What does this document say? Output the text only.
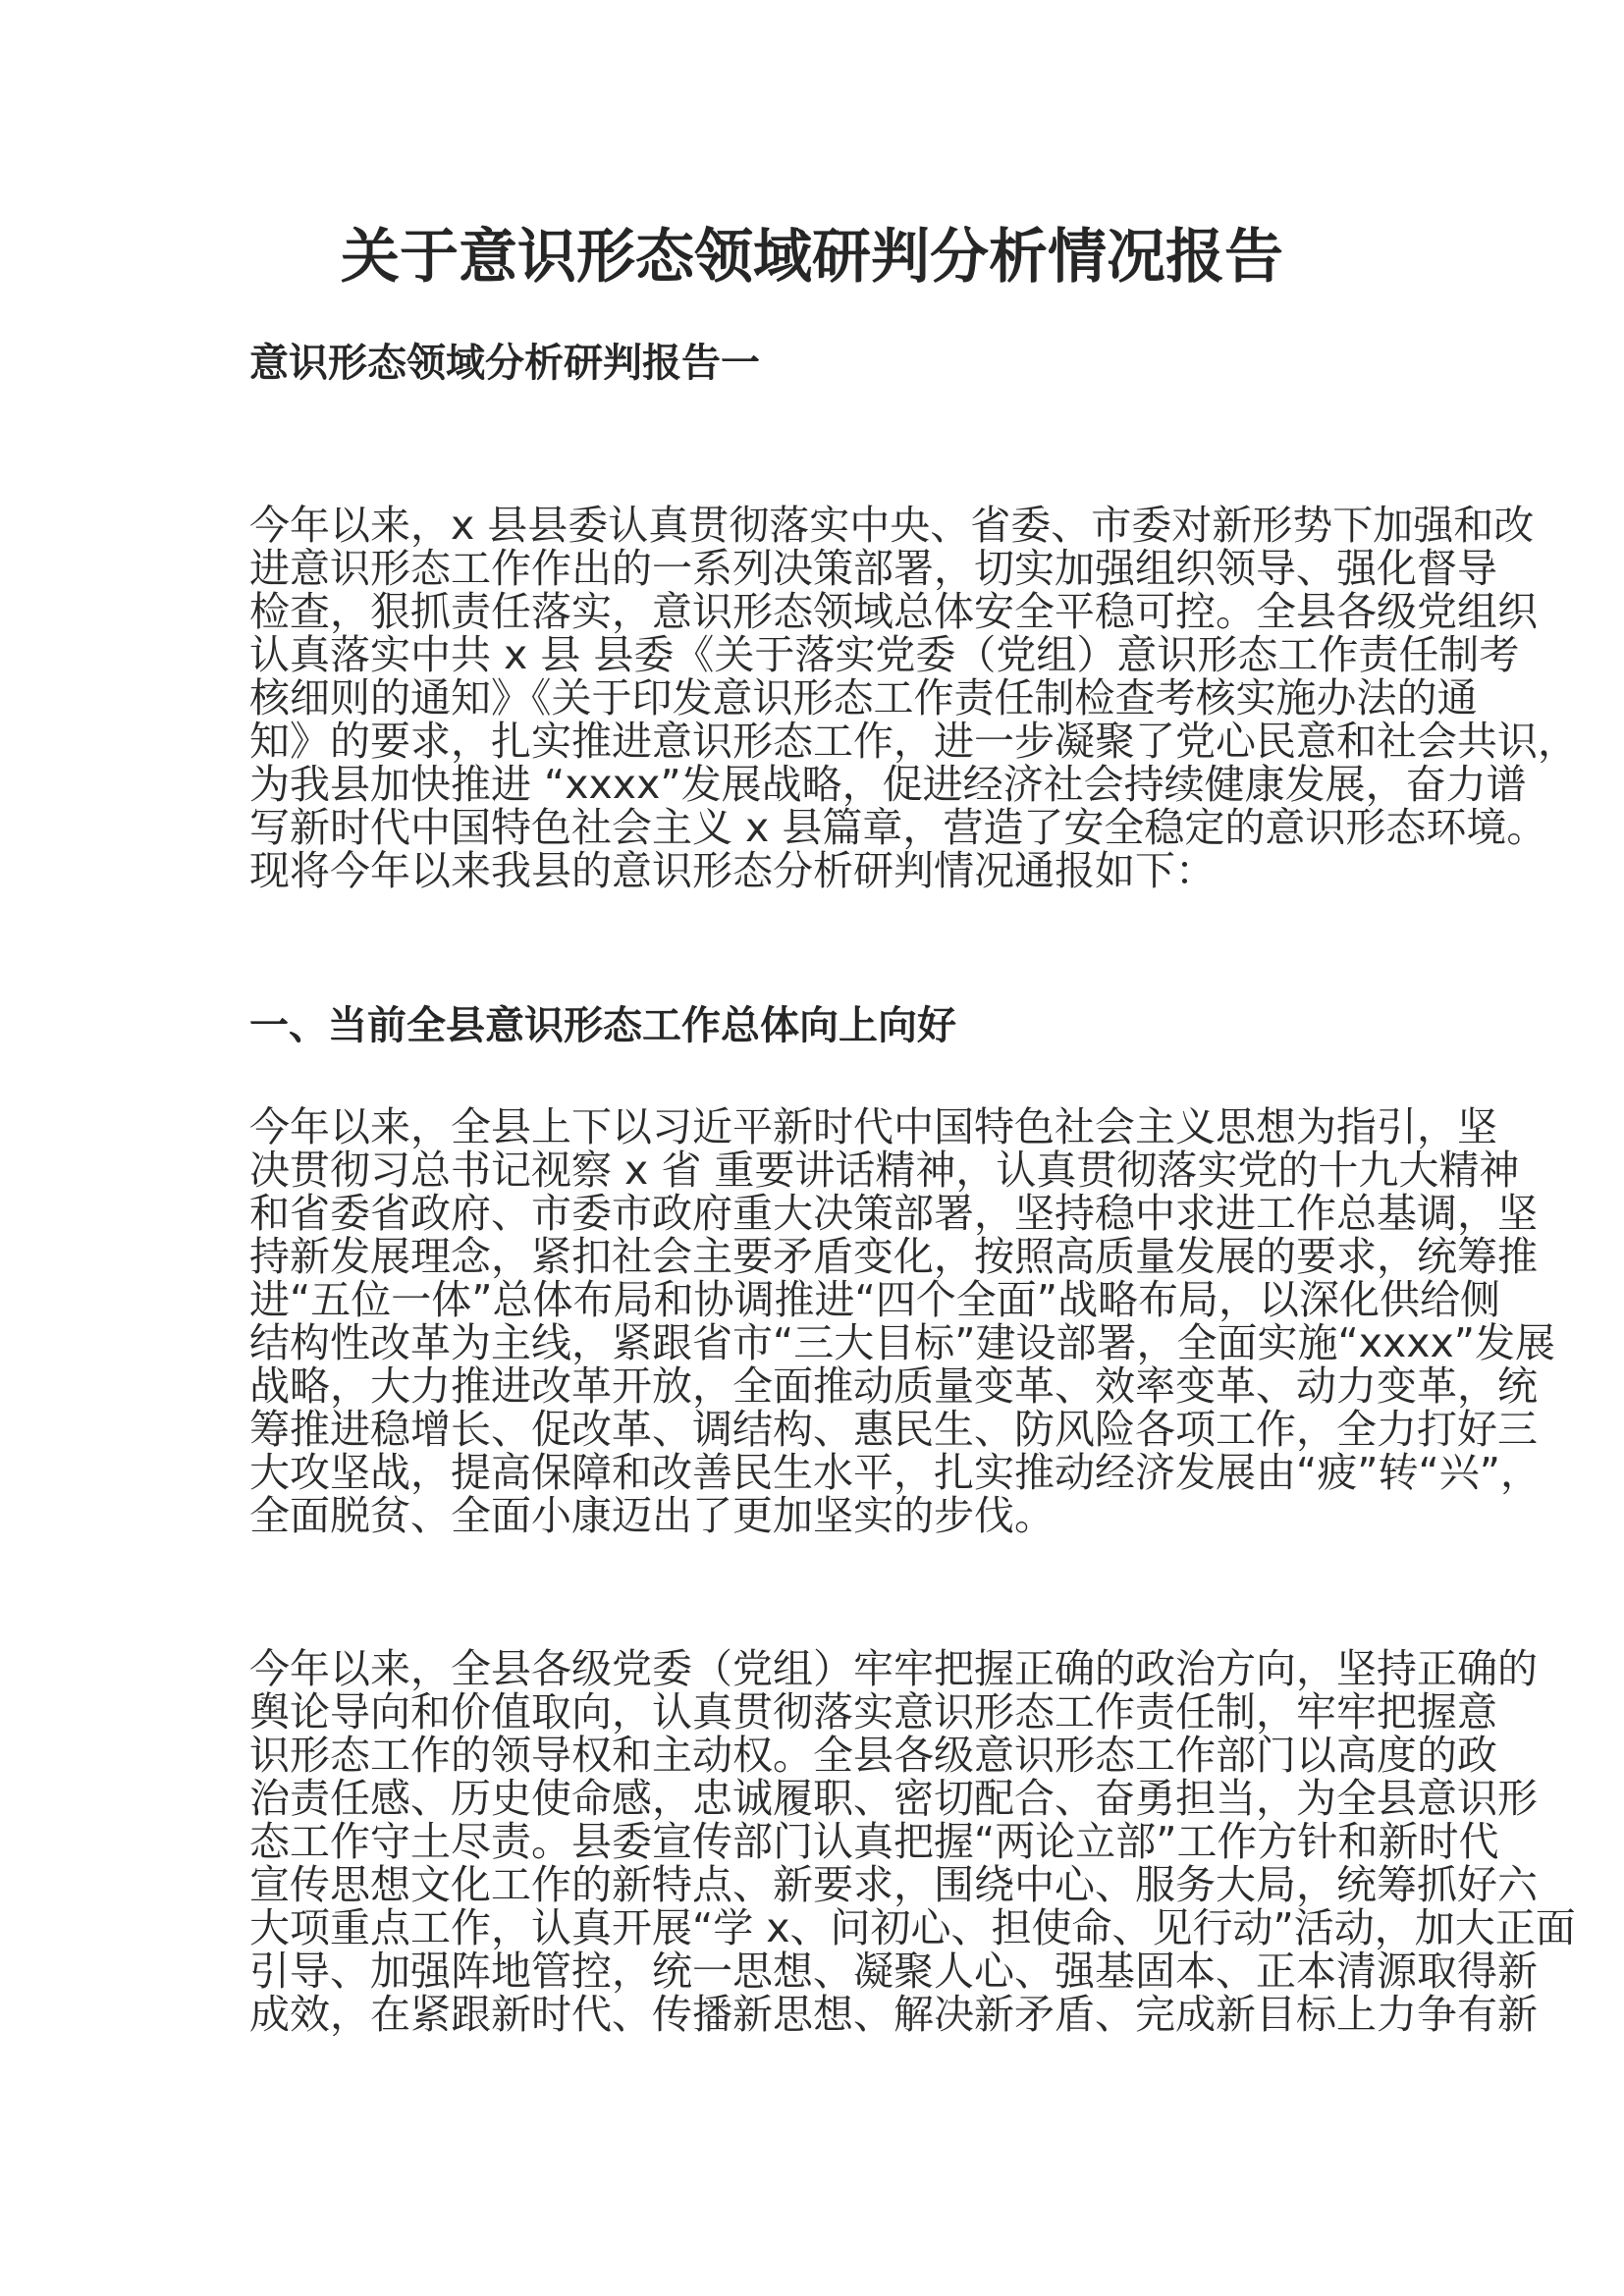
关于意识形态领域研判分析情况报告
意识形态领域分析研判报告一
今年以来，x 县县委认真贯彻落实中央、省委、市委对新形势下加强和改
进意识形态工作作出的一系列决策部署，切实加强组织领导、强化督导
检查，狠抓责任落实，意识形态领域总体安全平稳可控。全县各级党组织
认真落实中共 x 县 县委《关于落实党委（党组）意识形态工作责任制考
核细则的通知》《关于印发意识形态工作责任制检查考核实施办法的通
知》的要求，扎实推进意识形态工作，进一步凝聚了党心民意和社会共识，
为我县加快推进 “xxxx”发展战略，促进经济社会持续健康发展，奋力谱
写新时代中国特色社会主义 x 县篇章，营造了安全稳定的意识形态环境。
现将今年以来我县的意识形态分析研判情况通报如下：
一、当前全县意识形态工作总体向上向好
今年以来，全县上下以习近平新时代中国特色社会主义思想为指引，坚
决贯彻习总书记视察 x 省 重要讲话精神，认真贯彻落实党的十九大精神
和省委省政府、市委市政府重大决策部署，坚持稳中求进工作总基调，坚
持新发展理念，紧扣社会主要矛盾变化，按照高质量发展的要求，统筹推
进“五位一体”总体布局和协调推进“四个全面”战略布局，以深化供给侧
结构性改革为主线，紧跟省市“三大目标”建设部署，全面实施“xxxx”发展
战略，大力推进改革开放，全面推动质量变革、效率变革、动力变革，统
筹推进稳增长、促改革、调结构、惠民生、防风险各项工作，全力打好三
大攻坚战，提高保障和改善民生水平，扎实推动经济发展由“疲”转“兴”，
全面脱贫、全面小康迈出了更加坚实的步伐。
今年以来，全县各级党委（党组）牢牢把握正确的政治方向，坚持正确的
舆论导向和价值取向，认真贯彻落实意识形态工作责任制，牢牢把握意
识形态工作的领导权和主动权。全县各级意识形态工作部门以高度的政
治责任感、历史使命感，忠诚履职、密切配合、奋勇担当，为全县意识形
态工作守土尽责。县委宣传部门认真把握“两论立部”工作方针和新时代
宣传思想文化工作的新特点、新要求，围绕中心、服务大局，统筹抓好六
大项重点工作，认真开展“学 x、问初心、担使命、见行动”活动，加大正面
引导、加强阵地管控，统一思想、凝聚人心、强基固本、正本清源取得新
成效，在紧跟新时代、传播新思想、解决新矛盾、完成新目标上力争有新
